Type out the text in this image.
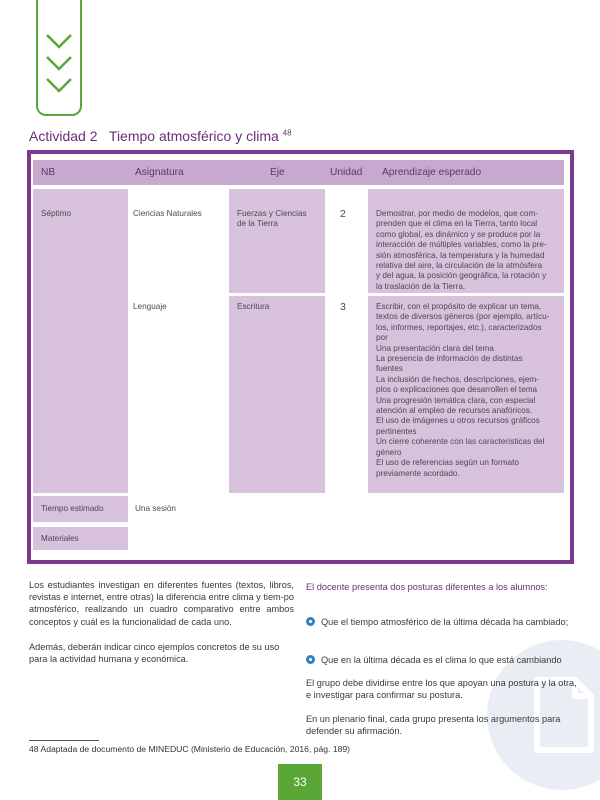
Actividad 2 Tiempo atmosférico y clima $^{48}$
NB	Asignatura	Eje	Unidad Aprendizaje esperado
Séptimo	Ciencias Naturales	Fuerzas y Ciencias
de la Tierra
2	Demostrar, por medio de modelos, que com-
prenden que el clima en la Tierra, tanto local
como global, es dinámico y se produce por la
interacción de múltiples variables, como la pre-
sión atmosférica, la temperatura y la humedad
relativa del aire, la circulación de la atmósfera
y del agua, la posición geográfica, la rotación y
la traslación de la Tierra.
Lenguaje	Escritura	3	Escribir, con el propósito de explicar un tema,
textos de diversos géneros (por ejemplo, artícu-
los, informes, reportajes, etc.), caracterizados
por
Una presentación clara del tema
La presencia de información de distintas
fuentes
La inclusión de hechos, descripciones, ejem-
plos o explicaciones que desarrollen el tema
Una progresión temática clara, con especial
atención al empleo de recursos anafóricos.
El uso de imágenes u otros recursos gráficos
pertinentes
Un cierre coherente con las características del
género
El uso de referencias según un formato
previamente acordado.
Tiempo estimado	Una sesión
Materiales
Los estudiantes investigan en diferentes fuentes (textos, libros, revistas e internet, entre otras) la diferencia entre clima y tiem-po atmosférico, realizando un cuadro comparativo entre ambos conceptos y cuál es la funcionalidad de cada uno.
Además, deberán indicar cinco ejemplos concretos de su uso para la actividad humana y económica.
El docente presenta dos posturas diferentes a los alumnos:
Que el tiempo atmosférico de la última década ha cambiado;
Que en la última década es el clima lo que está cambiando
El grupo debe dividirse entre los que apoyan una postura y la otra, e investigar para confirmar su postura.
En un plenario final, cada grupo presenta los argumentos para defender su afirmación.
48 Adaptada de documento de MINEDUC (Ministerio de Educación, 2016, pág. 189)
33
